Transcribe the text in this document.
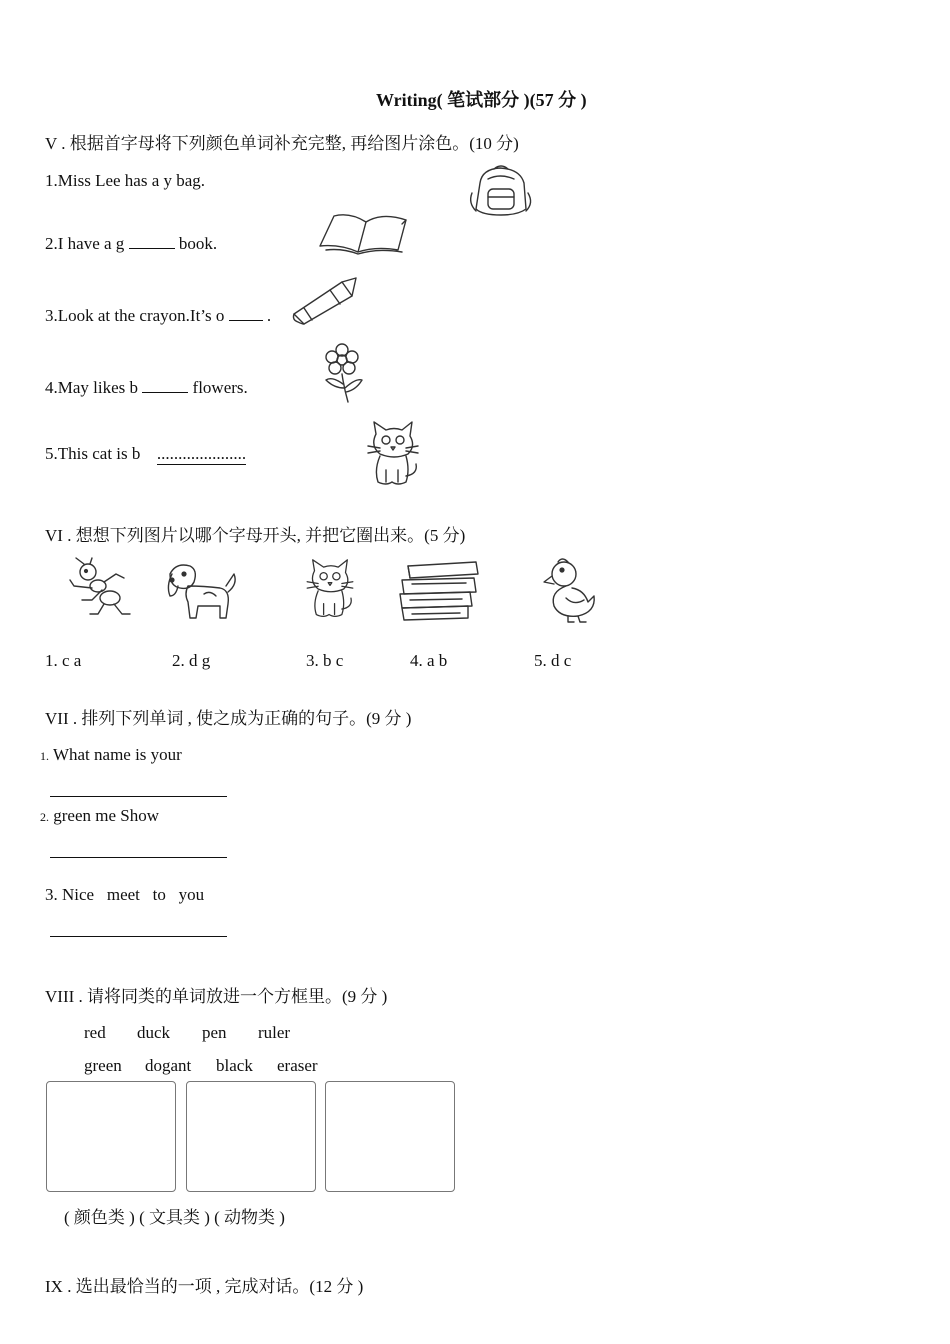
Writing( 笔试部分 )(57 分 )
V . 根据首字母将下列颜色单词补充完整, 再给图片涂色。(10 分)
1.Miss Lee has a y bag.
2.I have a g	book.
3.Look at the crayon.It’s o	.
4.May likes b	flowers.
5.This cat is b .....................
VI . 想想下列图片以哪个字母开头, 并把它圈出来。(5 分)
1. c a	2. d g	3. b c	4. a b	5. d c
VII . 排列下列单词 , 使之成为正确的句子。(9 分 )
1. What name is your
2. green me Show
3. Nice   meet   to   you
VIII . 请将同类的单词放进一个方框里。(9 分 )
red duck pen ruler
green dogant black eraser
( 颜色类 ) ( 文具类 ) ( 动物类 )
IX . 选出最恰当的一项 , 完成对话。(12 分 )
